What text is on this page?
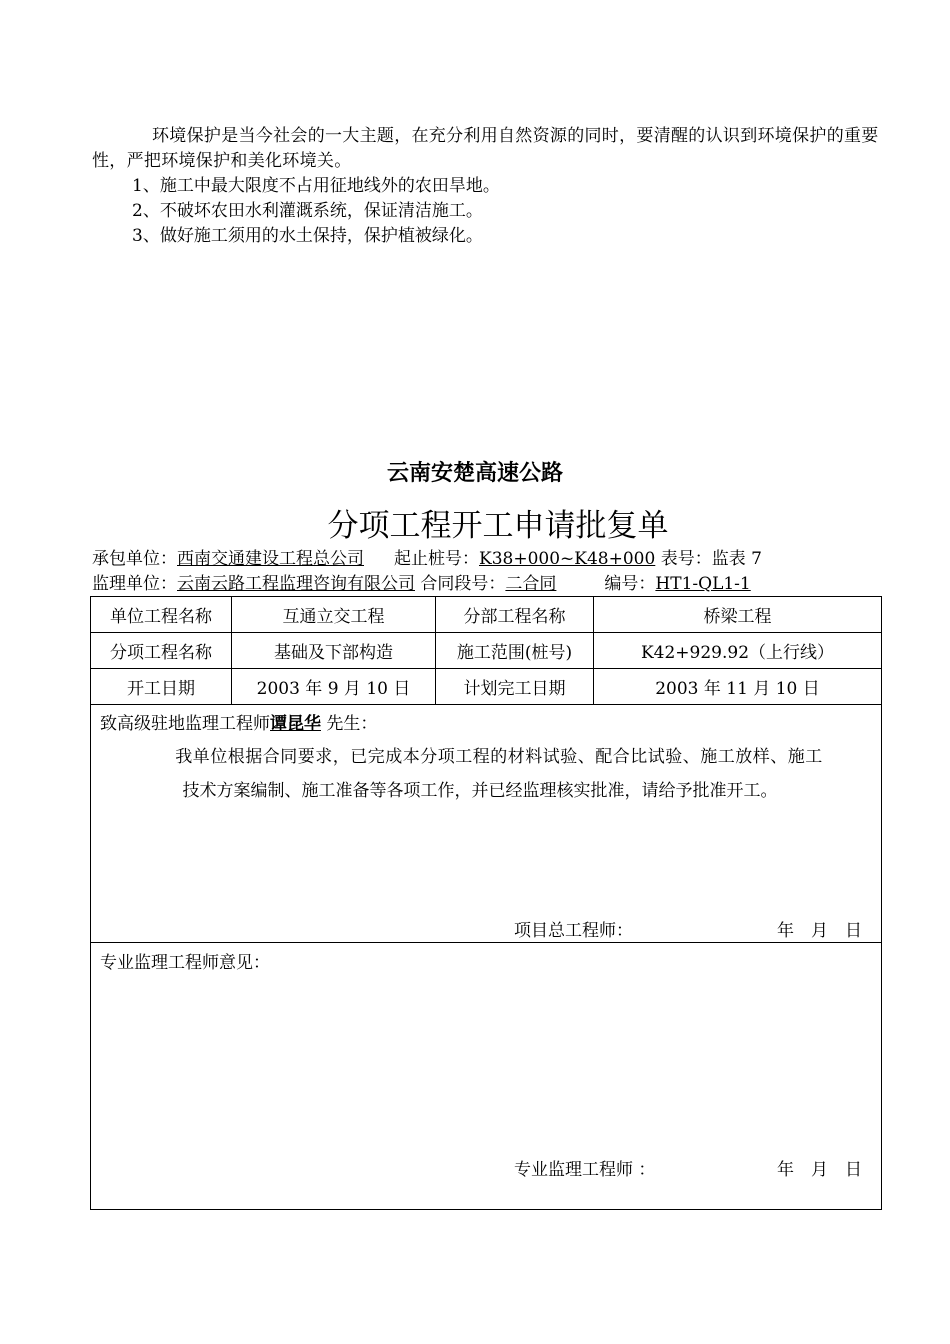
环境保护是当今社会的一大主题，在充分利用自然资源的同时，要清醒的认识到环境保护的重要性，严把环境保护和美化环境关。

1、施工中最大限度不占用征地线外的农田旱地。

2、不破坏农田水利灌溉系统，保证清洁施工。

3、做好施工须用的水土保持，保护植被绿化。

云南安楚高速公路
分项工程开工申请批复单
承包单位：西南交通建设工程总公司 起止桩号：K38+000~K48+000 表号：监表 7
监理单位：云南云路工程监理咨询有限公司 合同段号：二合同	编号：HT1-QL1-1
单位工程名称	互通立交工程	分部工程名称	桥梁工程
分项工程名称	基础及下部构造	施工范围(桩号)	K42+929.92（上行线）
开工日期	2003 年 9 月 10 日	计划完工日期	2003 年 11 月 10 日

致高级驻地监理工程师谭昆华 先生：
我单位根据合同要求，已完成本分项工程的材料试验、配合比试验、施工放样、施工
技术方案编制、施工准备等各项工作，并已经监理核实批准，请给予批准开工。
项目总工程师： 年　月　日			

专业监理工程师意见：
专业监理工程师 ： 年　月　日			
